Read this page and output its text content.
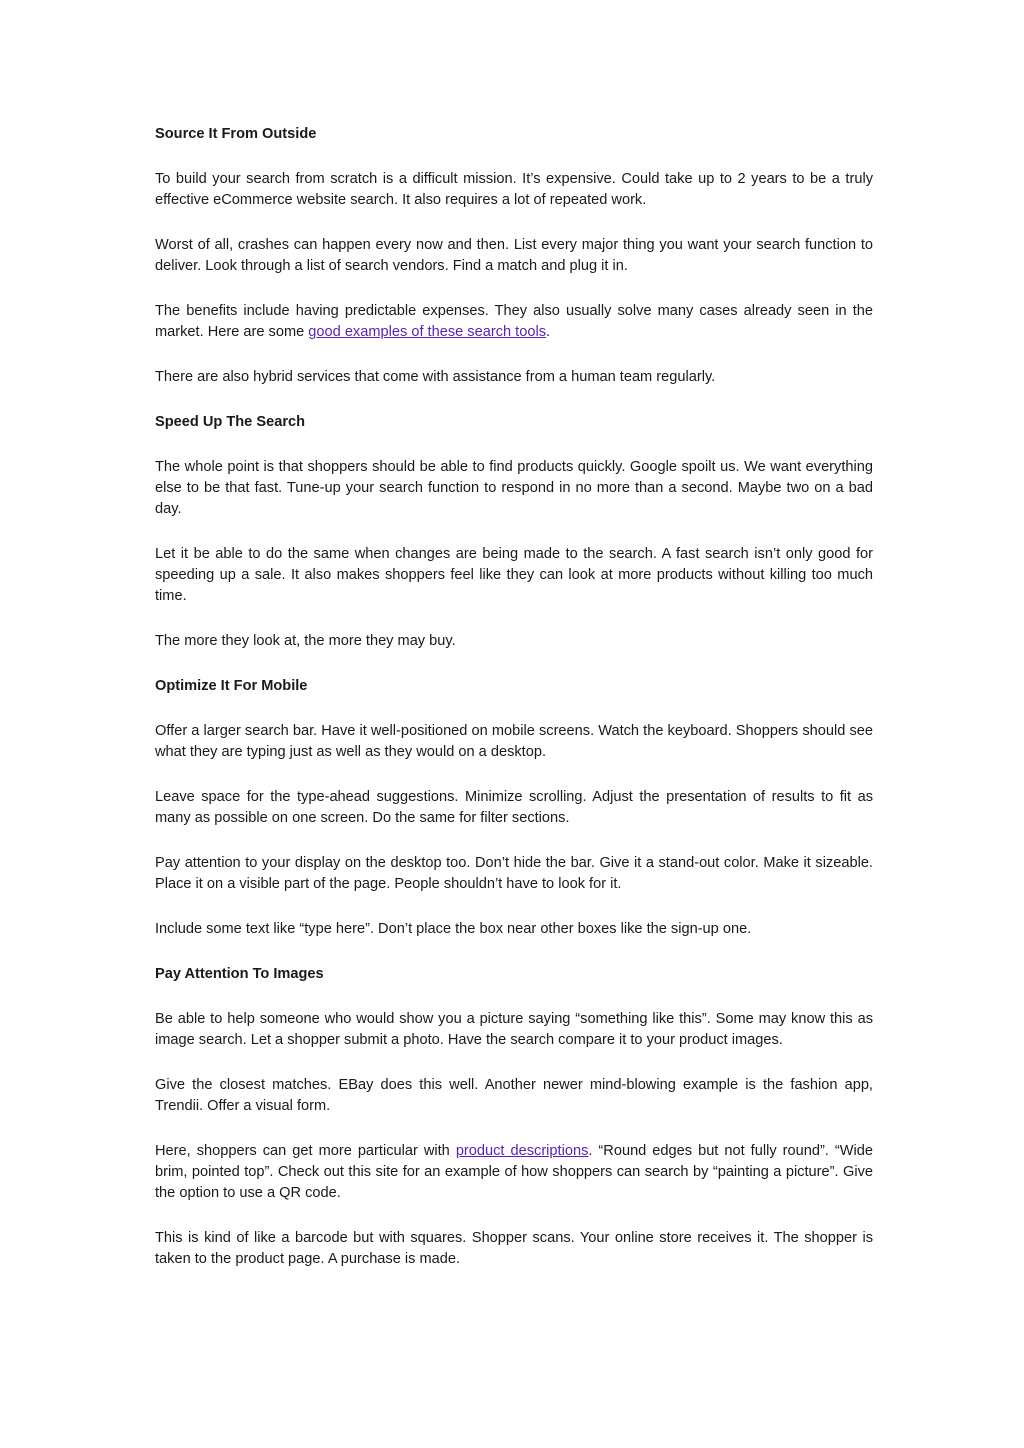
Source It From Outside

To build your search from scratch is a difficult mission. It’s expensive. Could take up to 2 years to be a truly effective eCommerce website search. It also requires a lot of repeated work.

Worst of all, crashes can happen every now and then. List every major thing you want your search function to deliver. Look through a list of search vendors. Find a match and plug it in.

The benefits include having predictable expenses. They also usually solve many cases already seen in the market. Here are some good examples of these search tools.

There are also hybrid services that come with assistance from a human team regularly.

Speed Up The Search

The whole point is that shoppers should be able to find products quickly. Google spoilt us. We want everything else to be that fast. Tune-up your search function to respond in no more than a second. Maybe two on a bad day.

Let it be able to do the same when changes are being made to the search. A fast search isn’t only good for speeding up a sale. It also makes shoppers feel like they can look at more products without killing too much time.

The more they look at, the more they may buy.

Optimize It For Mobile

Offer a larger search bar. Have it well-positioned on mobile screens. Watch the keyboard. Shoppers should see what they are typing just as well as they would on a desktop.

Leave space for the type-ahead suggestions. Minimize scrolling. Adjust the presentation of results to fit as many as possible on one screen. Do the same for filter sections.

Pay attention to your display on the desktop too. Don’t hide the bar. Give it a stand-out color. Make it sizeable. Place it on a visible part of the page. People shouldn’t have to look for it.

Include some text like “type here”. Don’t place the box near other boxes like the sign-up one.

Pay Attention To Images

Be able to help someone who would show you a picture saying “something like this”. Some may know this as image search. Let a shopper submit a photo. Have the search compare it to your product images.

Give the closest matches. EBay does this well. Another newer mind-blowing example is the fashion app, Trendii. Offer a visual form.

Here, shoppers can get more particular with product descriptions. “Round edges but not fully round”. “Wide brim, pointed top”. Check out this site for an example of how shoppers can search by “painting a picture”. Give the option to use a QR code.

This is kind of like a barcode but with squares. Shopper scans. Your online store receives it. The shopper is taken to the product page. A purchase is made.
